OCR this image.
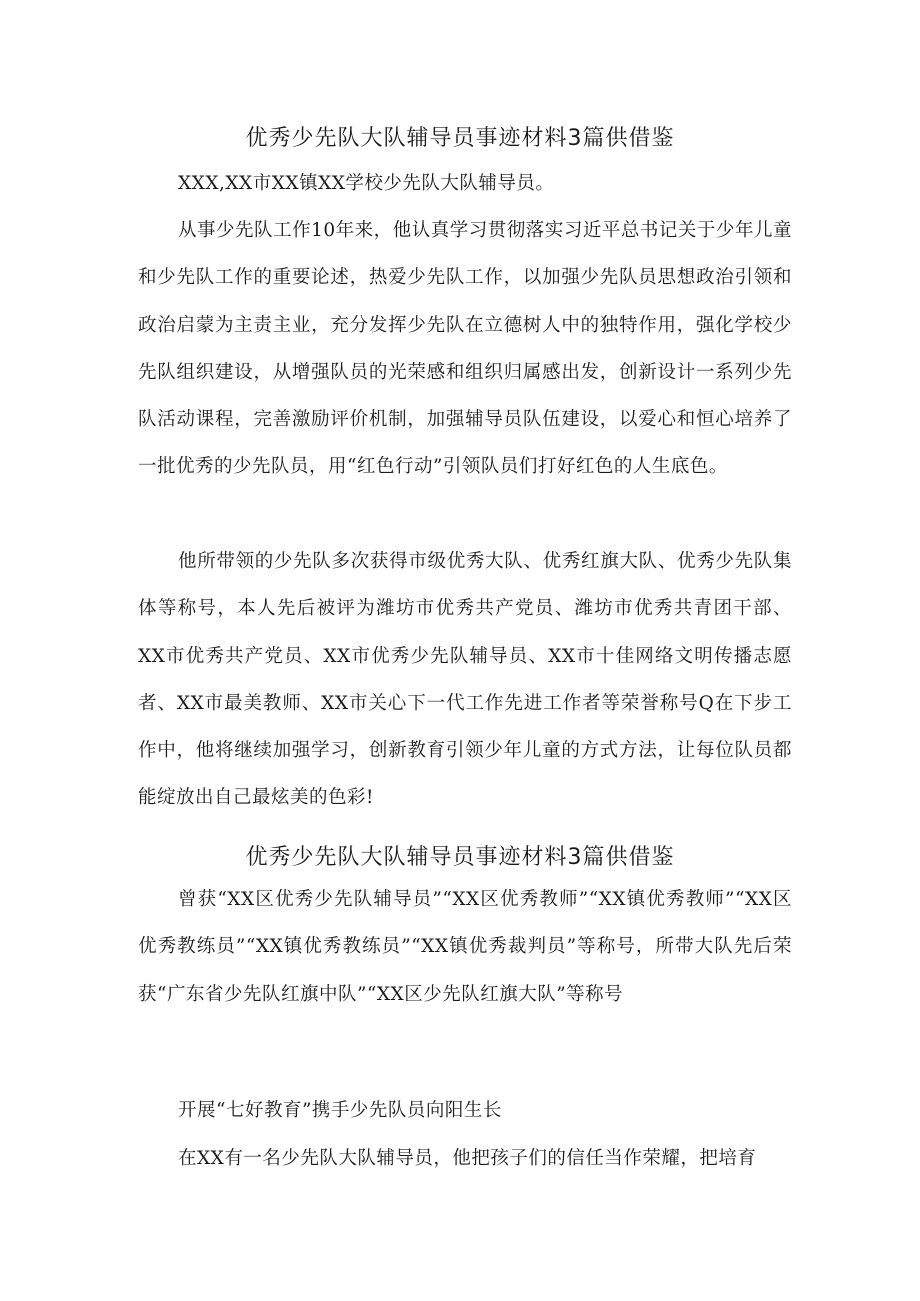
优秀少先队大队辅导员事迹材料3篇供借鉴

XXX,XX市XX镇XX学校少先队大队辅导员。

从事少先队工作10年来，他认真学习贯彻落实习近平总书记关于少年儿童和少先队工作的重要论述，热爱少先队工作，以加强少先队员思想政治引领和政治启蒙为主责主业，充分发挥少先队在立德树人中的独特作用，强化学校少先队组织建设，从增强队员的光荣感和组织归属感出发，创新设计一系列少先队活动课程，完善激励评价机制，加强辅导员队伍建设，以爱心和恒心培养了一批优秀的少先队员，用“红色行动”引领队员们打好红色的人生底色。

他所带领的少先队多次获得市级优秀大队、优秀红旗大队、优秀少先队集体等称号，本人先后被评为潍坊市优秀共产党员、潍坊市优秀共青团干部、XX市优秀共产党员、XX市优秀少先队辅导员、XX市十佳网络文明传播志愿者、XX市最美教师、XX市关心下一代工作先进工作者等荣誉称号Q在下步工作中，他将继续加强学习，创新教育引领少年儿童的方式方法，让每位队员都能绽放出自己最炫美的色彩!

优秀少先队大队辅导员事迹材料3篇供借鉴

曾获“XX区优秀少先队辅导员”“XX区优秀教师”“XX镇优秀教师”“XX区优秀教练员”“XX镇优秀教练员”“XX镇优秀裁判员”等称号，所带大队先后荣获“广东省少先队红旗中队”“XX区少先队红旗大队”等称号

开展“七好教育”携手少先队员向阳生长

在XX有一名少先队大队辅导员，他把孩子们的信任当作荣耀，把培育
